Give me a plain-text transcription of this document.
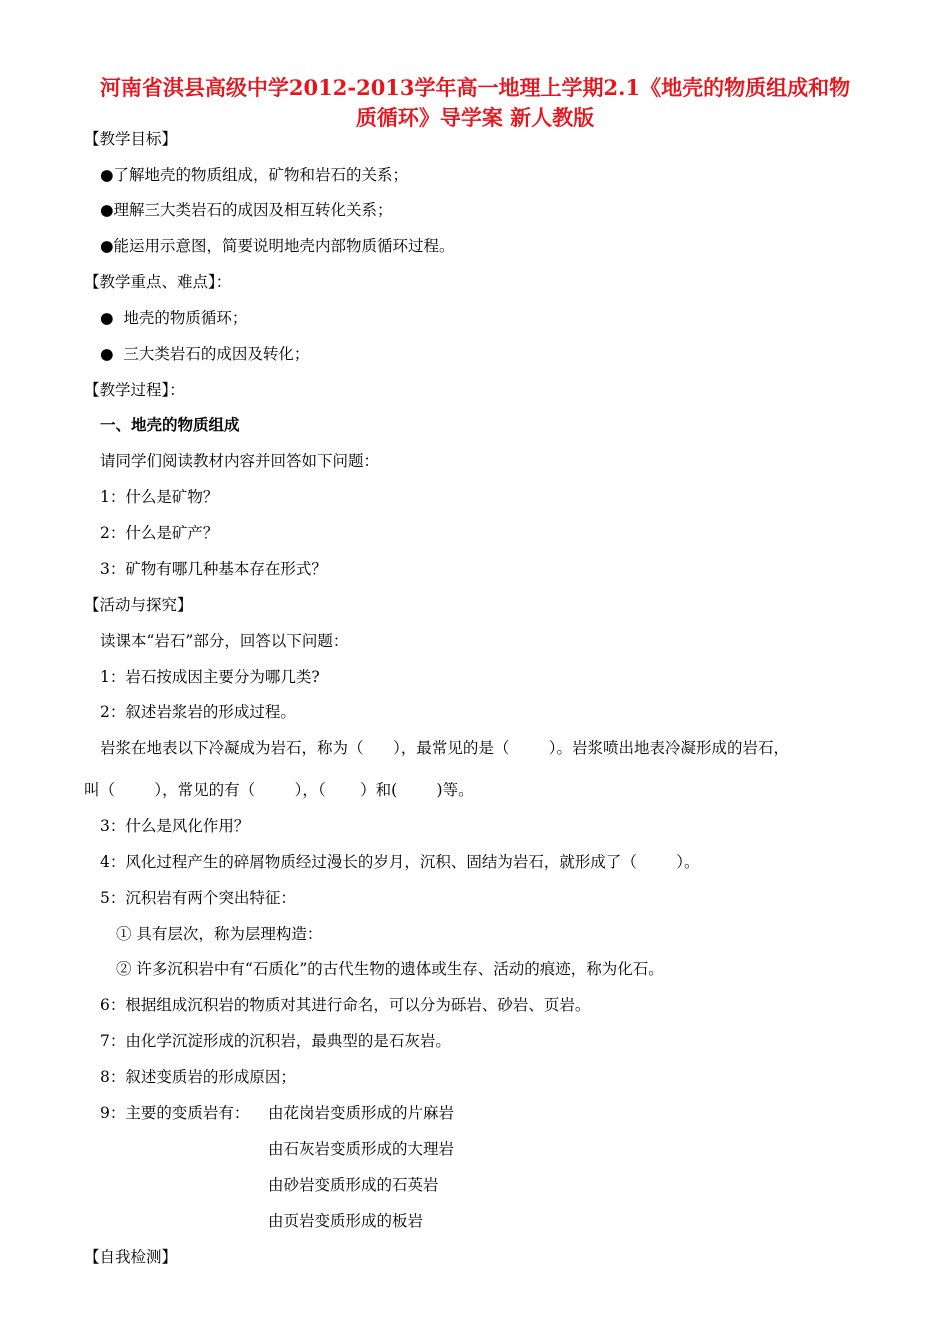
河南省淇县高级中学2012-2013学年高一地理上学期2.1《地壳的物质组成和物
质循环》导学案 新人教版
【教学目标】
●了解地壳的物质组成，矿物和岩石的关系；
●理解三大类岩石的成因及相互转化关系；
●能运用示意图，简要说明地壳内部物质循环过程。
【教学重点、难点】：
●  地壳的物质循环；
●  三大类岩石的成因及转化；
【教学过程】：
一、地壳的物质组成
请同学们阅读教材内容并回答如下问题：
1：什么是矿物？
2：什么是矿产？
3：矿物有哪几种基本存在形式？
【活动与探究】
读课本“岩石”部分，回答以下问题：
1：岩石按成因主要分为哪几类?
2：叙述岩浆岩的形成过程。
岩浆在地表以下冷凝成为岩石，称为（      ），最常见的是（        ）。岩浆喷出地表冷凝形成的岩石，
叫（        ），常见的有（        ），（       ）和(        )等。
3：什么是风化作用？
4：风化过程产生的碎屑物质经过漫长的岁月，沉积、固结为岩石，就形成了（        ）。
5：沉积岩有两个突出特征：
① 具有层次，称为层理构造：
② 许多沉积岩中有“石质化”的古代生物的遗体或生存、活动的痕迹，称为化石。
6：根据组成沉积岩的物质对其进行命名，可以分为砾岩、砂岩、页岩。
7：由化学沉淀形成的沉积岩，最典型的是石灰岩。
8：叙述变质岩的形成原因；
9：主要的变质岩有： 由花岗岩变质形成的片麻岩
由石灰岩变质形成的大理岩
由砂岩变质形成的石英岩
由页岩变质形成的板岩
【自我检测】
